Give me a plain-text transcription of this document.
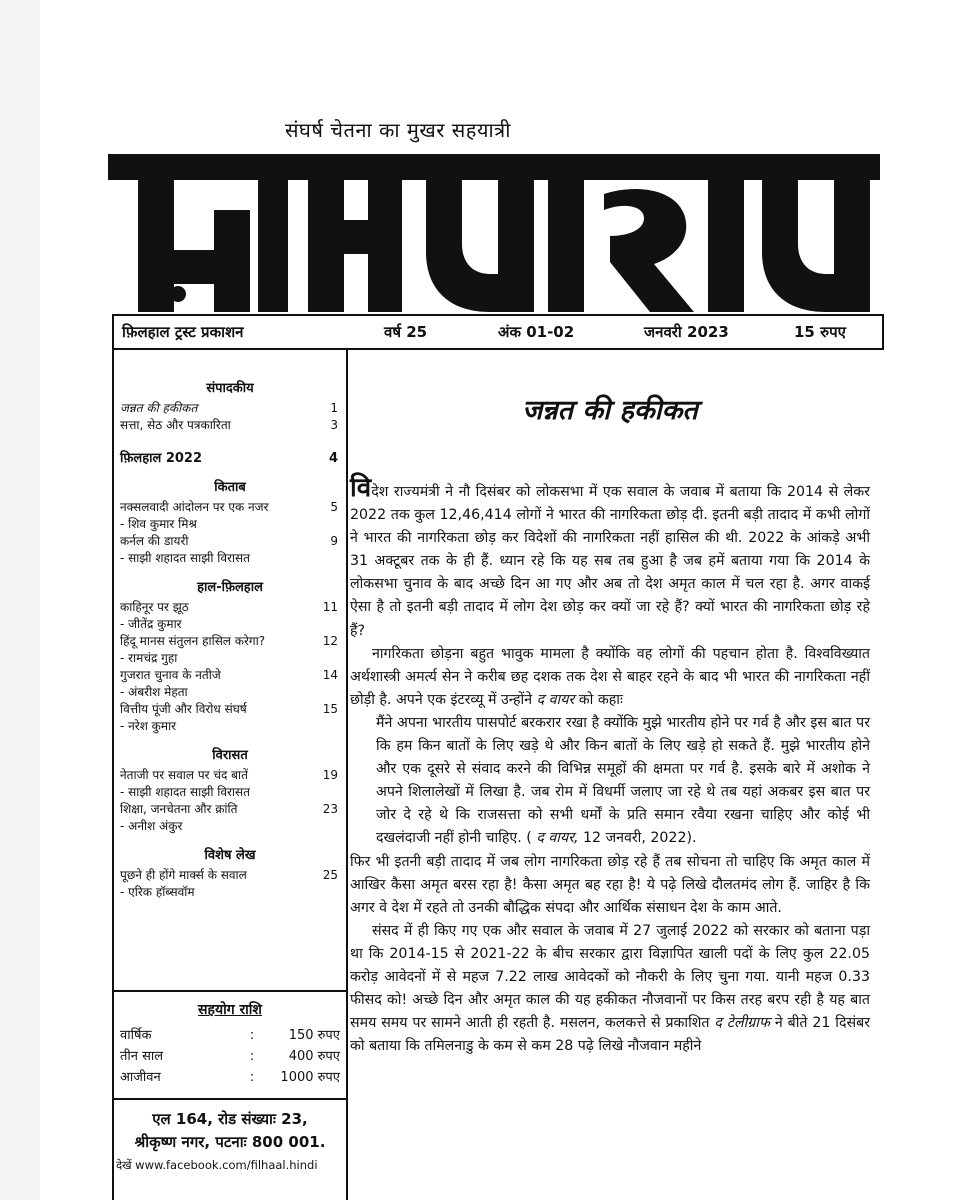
संघर्ष चेतना का मुखर सहयात्री
फ़िलहाल ट्रस्ट प्रकाशन	वर्ष 25	अंक 01-02	जनवरी 2023	15 रुपए
संपादकीय
जन्नत की हकीकत	1
सत्ता, सेठ और पत्रकारिता	3
फ़िलहाल 2022	4
किताब
नक्सलवादी आंदोलन पर एक नजर	5
- शिव कुमार मिश्र
कर्नल की डायरी	9
- साझी शहादत साझी विरासत
हाल-फ़िलहाल
काहिनूर पर झूठ	11
- जीतेंद्र कुमार
हिंदू मानस संतुलन हासिल करेगा?	12
- रामचंद्र गुहा
गुजरात चुनाव के नतीजे	14
- अंबरीश मेहता
वित्तीय पूंजी और विरोध संघर्ष	15
- नरेश कुमार
विरासत
नेताजी पर सवाल पर चंद बातें	19
- साझी शहादत साझी विरासत
शिक्षा, जनचेतना और क्रांति	23
- अनीश अंकुर
विशेष लेख
पूछने ही होंगे मार्क्स के सवाल	25
- एरिक हॉब्सवॉम
सहयोग राशि
वार्षिक	:	150 रुपए
तीन साल	:	400 रुपए
आजीवन	:	1000 रुपए
एल 164, रोड संख्याः 23,
श्रीकृष्ण नगर, पटनाः 800 001.
देखें www.facebook.com/filhaal.hindi
जन्नत की हकीकत

विदेश राज्यमंत्री ने नौ दिसंबर को लोकसभा में एक सवाल के जवाब में बताया कि 2014 से लेकर 2022 तक कुल 12,46,414 लोगों ने भारत की नागरिकता छोड़ दी. इतनी बड़ी तादाद में कभी लोगों ने भारत की नागरिकता छोड़ कर विदेशों की नागरिकता नहीं हासिल की थी. 2022 के आंकड़े अभी 31 अक्टूबर तक के ही हैं. ध्यान रहे कि यह सब तब हुआ है जब हमें बताया गया कि 2014 के लोकसभा चुनाव के बाद अच्छे दिन आ गए और अब तो देश अमृत काल में चल रहा है. अगर वाकई ऐसा है तो इतनी बड़ी तादाद में लोग देश छोड़ कर क्यों जा रहे हैं? क्यों भारत की नागरिकता छोड़ रहे हैं?

नागरिकता छोड़ना बहुत भावुक मामला है क्योंकि वह लोगों की पहचान होता है. विश्वविख्यात अर्थशास्त्री अमर्त्य सेन ने करीब छह दशक तक देश से बाहर रहने के बाद भी भारत की नागरिकता नहीं छोड़ी है. अपने एक इंटरव्यू में उन्होंने द वायर को कहाः

मैंने अपना भारतीय पासपोर्ट बरकरार रखा है क्योंकि मुझे भारतीय होने पर गर्व है और इस बात पर कि हम किन बातों के लिए खड़े थे और किन बातों के लिए खड़े हो सकते हैं. मुझे भारतीय होने और एक दूसरे से संवाद करने की विभिन्न समूहों की क्षमता पर गर्व है. इसके बारे में अशोक ने अपने शिलालेखों में लिखा है. जब रोम में विधर्मी जलाए जा रहे थे तब यहां अकबर इस बात पर जोर दे रहे थे कि राजसत्ता को सभी धर्मों के प्रति समान रवैया रखना चाहिए और कोई भी दखलंदाजी नहीं होनी चाहिए. ( द वायर, 12 जनवरी, 2022).

फिर भी इतनी बड़ी तादाद में जब लोग नागरिकता छोड़ रहे हैं तब सोचना तो चाहिए कि अमृत काल में आखिर कैसा अमृत बरस रहा है! कैसा अमृत बह रहा है! ये पढ़े लिखे दौलतमंद लोग हैं. जाहिर है कि अगर वे देश में रहते तो उनकी बौद्धिक संपदा और आर्थिक संसाधन देश के काम आते.

संसद में ही किए गए एक और सवाल के जवाब में 27 जुलाई 2022 को सरकार को बताना पड़ा था कि 2014-15 से 2021-22 के बीच सरकार द्वारा विज्ञापित खाली पदों के लिए कुल 22.05 करोड़ आवेदनों में से महज 7.22 लाख आवेदकों को नौकरी के लिए चुना गया. यानी महज 0.33 फीसद को! अच्छे दिन और अमृत काल की यह हकीकत नौजवानों पर किस तरह बरप रही है यह बात समय समय पर सामने आती ही रहती है. मसलन, कलकत्ते से प्रकाशित द टेलीग्राफ ने बीते 21 दिसंबर को बताया कि तमिलनाडु के कम से कम 28 पढ़े लिखे नौजवान महीने
